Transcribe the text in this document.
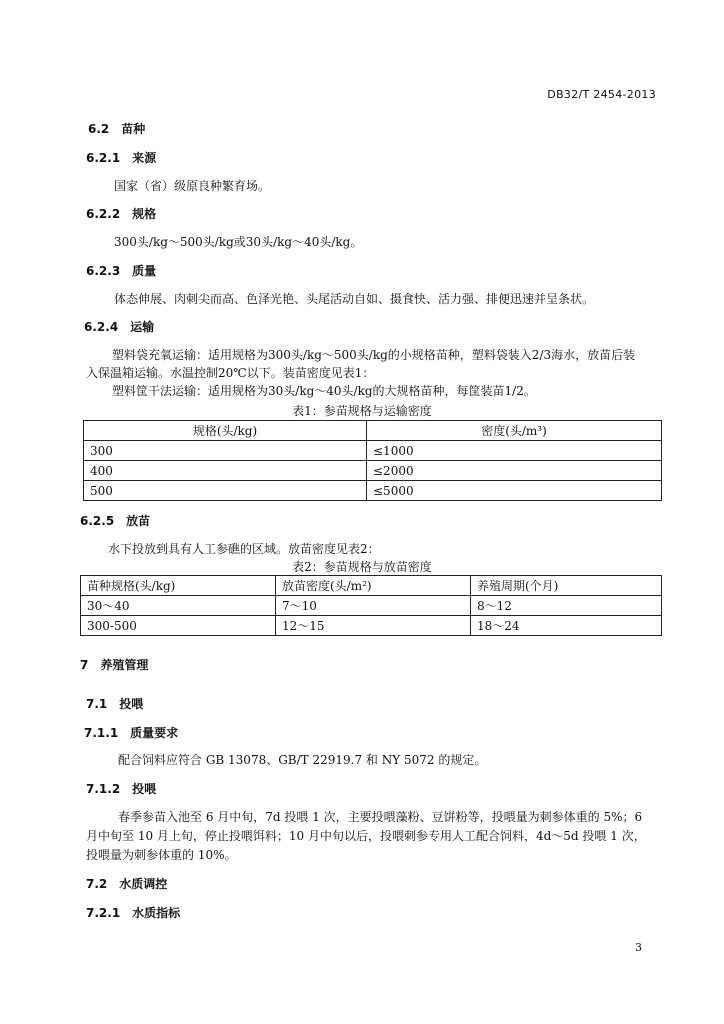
DB32/T 2454-2013
6.2 苗种
6.2.1 来源
国家（省）级原良种繁育场。
6.2.2 规格
300头/kg～500头/kg或30头/kg～40头/kg。
6.2.3 质量
体态伸展、肉刺尖而高、色泽光艳、头尾活动自如、摄食快、活力强、排便迅速并呈条状。
6.2.4 运输
塑料袋充氧运输：适用规格为300头/kg～500头/kg的小规格苗种，塑料袋装入2/3海水，放苗后装
入保温箱运输。水温控制20℃以下。装苗密度见表1：
塑料筐干法运输：适用规格为30头/kg～40头/kg的大规格苗种，每筐装苗1/2。
表1：参苗规格与运输密度
规格(头/kg)	密度(头/m³)
300	≤1000
400	≤2000
500	≤5000
6.2.5 放苗
水下投放到具有人工参礁的区域。放苗密度见表2：
表2：参苗规格与放苗密度
苗种规格(头/kg)	放苗密度(头/m²)	养殖周期(个月)
30～40	7～10	8～12
300-500	12～15	18～24
7 养殖管理
7.1 投喂
7.1.1 质量要求
配合饲料应符合 GB 13078、GB/T 22919.7 和 NY 5072 的规定。
7.1.2 投喂
春季参苗入池至 6 月中旬，7d 投喂 1 次，主要投喂藻粉、豆饼粉等，投喂量为刺参体重的 5%；6
月中旬至 10 月上旬，停止投喂饵料；10 月中旬以后，投喂刺参专用人工配合饲料，4d～5d 投喂 1 次，
投喂量为刺参体重的 10%。
7.2 水质调控
7.2.1 水质指标
3
